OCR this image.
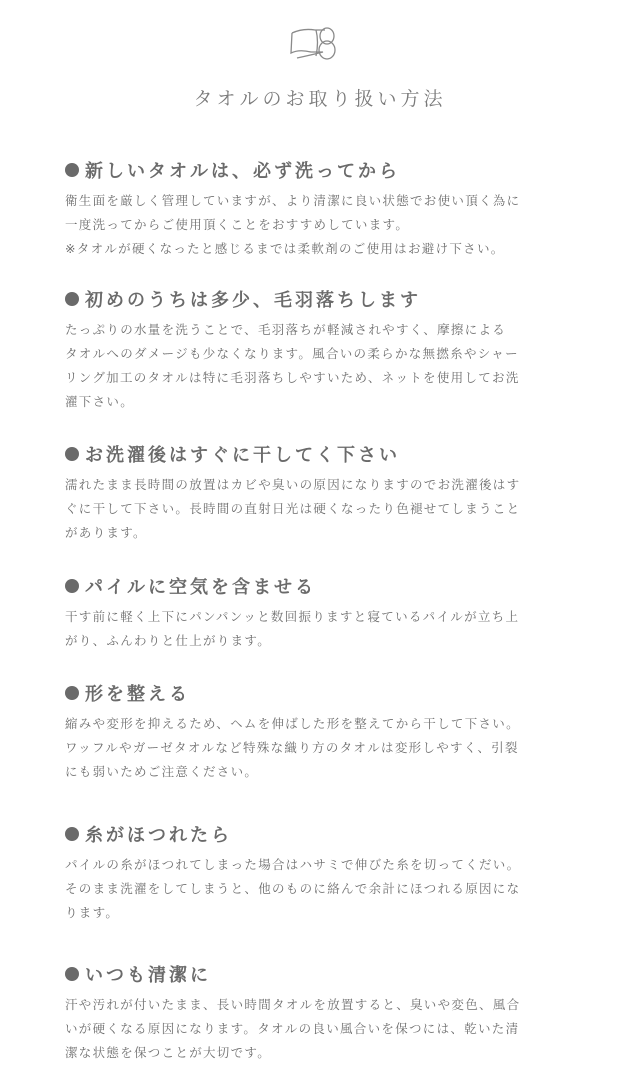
タオルのお取り扱い方法
新しいタオルは、必ず洗ってから
衛生面を厳しく管理していますが、より清潔に良い状態でお使い頂く為に
一度洗ってからご使用頂くことをおすすめしています。
※タオルが硬くなったと感じるまでは柔軟剤のご使用はお避け下さい。
初めのうちは多少、毛羽落ちします
たっぷりの水量を洗うことで、毛羽落ちが軽減されやすく、摩擦による
タオルへのダメージも少なくなります。風合いの柔らかな無撚糸やシャー
リング加工のタオルは特に毛羽落ちしやすいため、ネットを使用してお洗
濯下さい。
お洗濯後はすぐに干してく下さい
濡れたまま長時間の放置はカビや臭いの原因になりますのでお洗濯後はす
ぐに干して下さい。長時間の直射日光は硬くなったり色褪せてしまうこと
があります。
パイルに空気を含ませる
干す前に軽く上下にパンパンッと数回振りますと寝ているパイルが立ち上
がり、ふんわりと仕上がります。
形を整える
縮みや変形を抑えるため、ヘムを伸ばした形を整えてから干して下さい。
ワッフルやガーゼタオルなど特殊な織り方のタオルは変形しやすく、引裂
にも弱いためご注意ください。
糸がほつれたら
パイルの糸がほつれてしまった場合はハサミで伸びた糸を切ってくだい。
そのまま洗濯をしてしまうと、他のものに絡んで余計にほつれる原因にな
ります。
いつも清潔に
汗や汚れが付いたまま、長い時間タオルを放置すると、臭いや変色、風合
いが硬くなる原因になります。タオルの良い風合いを保つには、乾いた清
潔な状態を保つことが大切です。
